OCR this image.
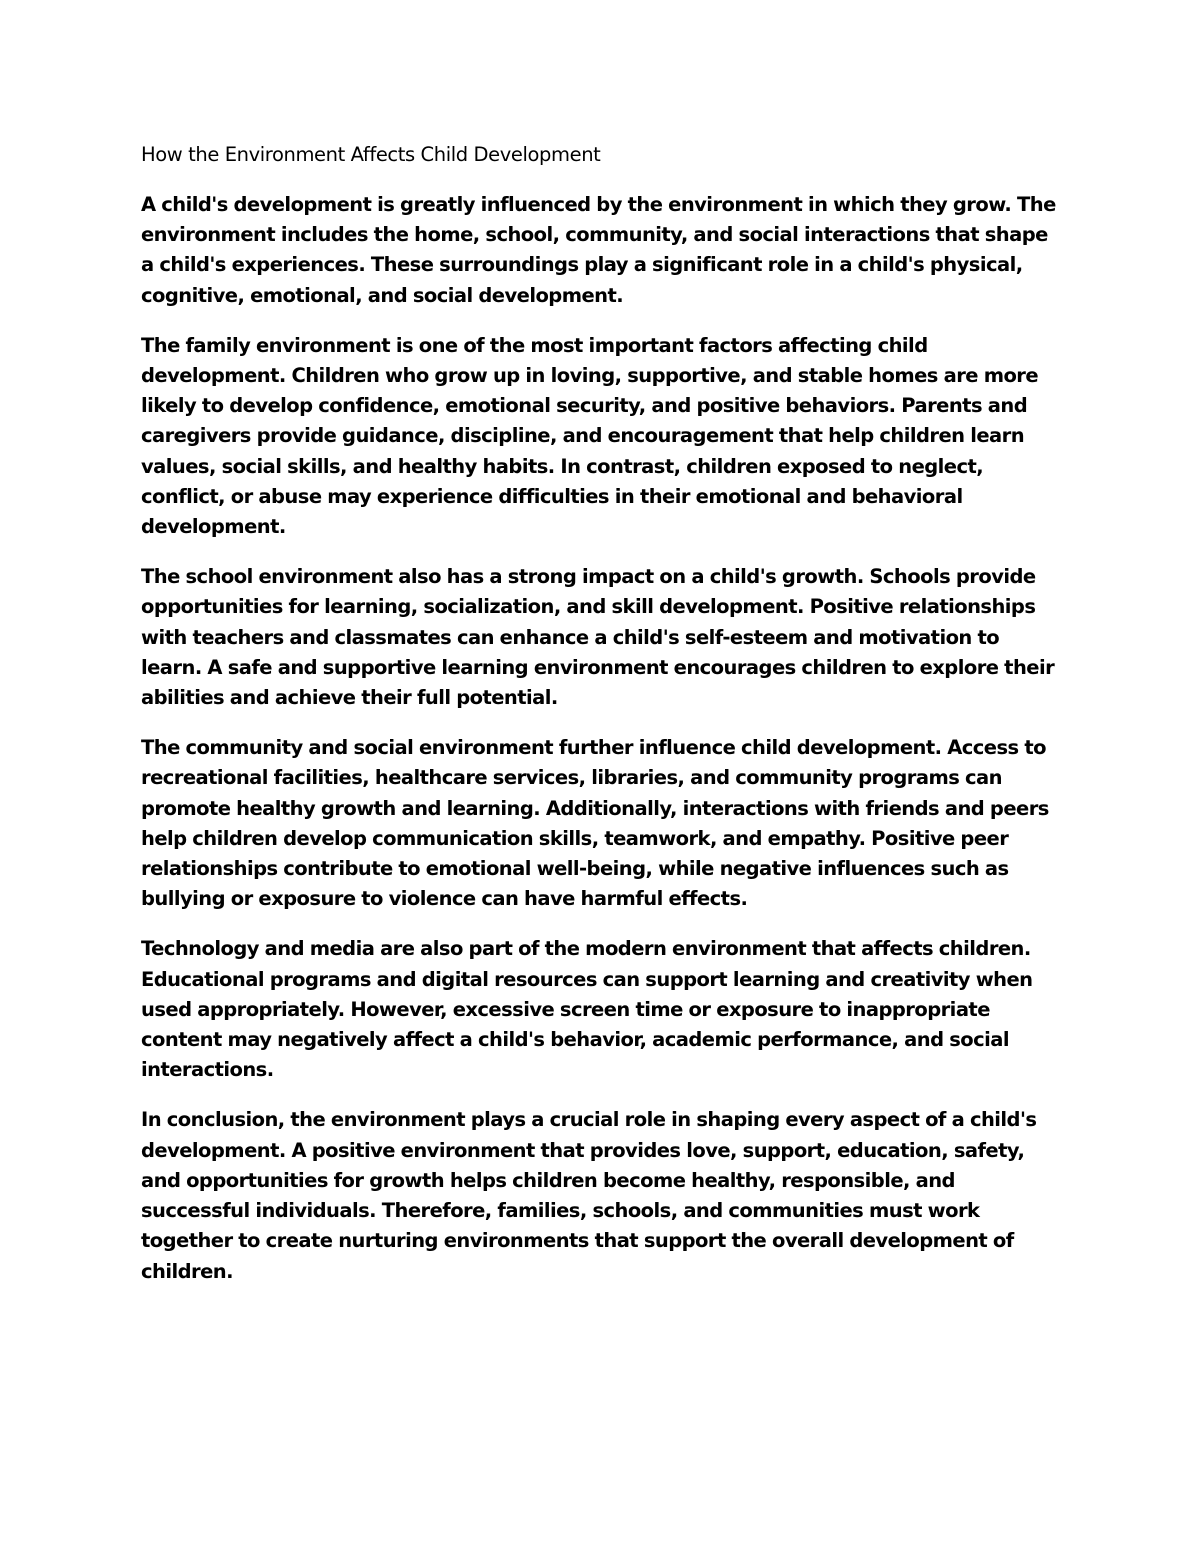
How the Environment Affects Child Development

A child's development is greatly influenced by the environment in which they grow. The environment includes the home, school, community, and social interactions that shape a child's experiences. These surroundings play a significant role in a child's physical, cognitive, emotional, and social development.

The family environment is one of the most important factors affecting child development. Children who grow up in loving, supportive, and stable homes are more likely to develop confidence, emotional security, and positive behaviors. Parents and caregivers provide guidance, discipline, and encouragement that help children learn values, social skills, and healthy habits. In contrast, children exposed to neglect, conflict, or abuse may experience difficulties in their emotional and behavioral development.

The school environment also has a strong impact on a child's growth. Schools provide opportunities for learning, socialization, and skill development. Positive relationships with teachers and classmates can enhance a child's self-esteem and motivation to learn. A safe and supportive learning environment encourages children to explore their abilities and achieve their full potential.

The community and social environment further influence child development. Access to recreational facilities, healthcare services, libraries, and community programs can promote healthy growth and learning. Additionally, interactions with friends and peers help children develop communication skills, teamwork, and empathy. Positive peer relationships contribute to emotional well-being, while negative influences such as bullying or exposure to violence can have harmful effects.

Technology and media are also part of the modern environment that affects children. Educational programs and digital resources can support learning and creativity when used appropriately. However, excessive screen time or exposure to inappropriate content may negatively affect a child's behavior, academic performance, and social interactions.

In conclusion, the environment plays a crucial role in shaping every aspect of a child's development. A positive environment that provides love, support, education, safety, and opportunities for growth helps children become healthy, responsible, and successful individuals. Therefore, families, schools, and communities must work together to create nurturing environments that support the overall development of children.
